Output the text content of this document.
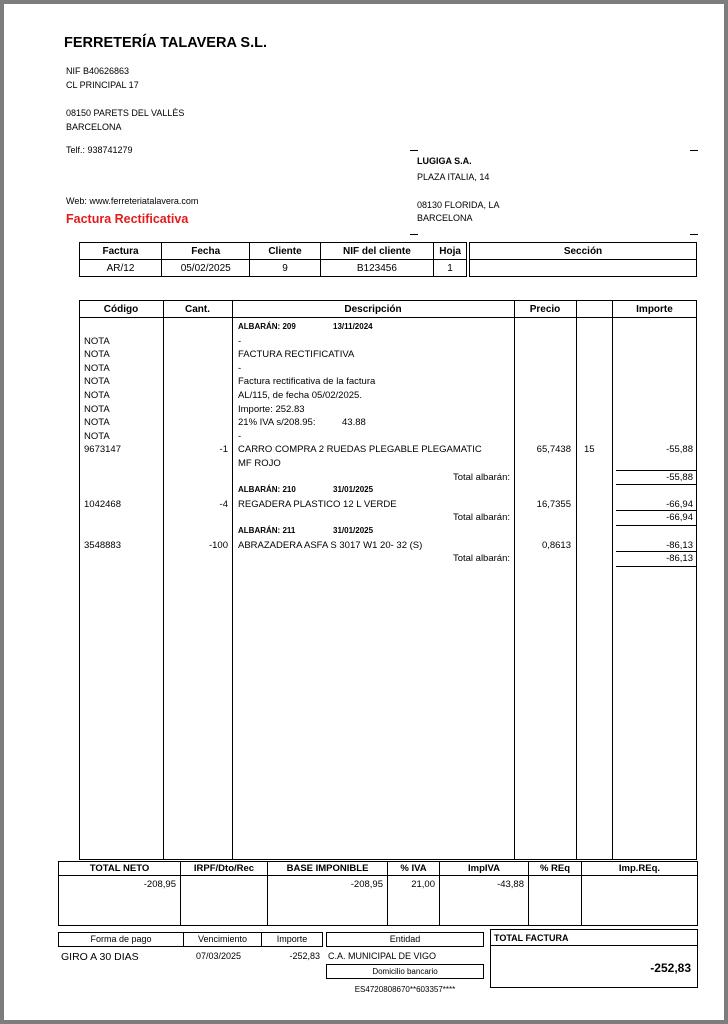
FERRETERÍA TALAVERA S.L.
NIF B40626863
CL PRINCIPAL 17
08150 PARETS DEL VALLÈS
BARCELONA
Telf.: 938741279
Web: www.ferreteriatalavera.com
Factura Rectificativa
LUGIGA S.A.
PLAZA ITALIA, 14
08130 FLORIDA, LA
BARCELONA
Factura	Fecha	Cliente	NIF del cliente	Hoja
AR/12	05/02/2025	9	B123456	1
Sección

Código	Cant.	Descripción	Precio	Importe
ALBARÁN: 209	13/11/2024
NOTA	-
NOTA	FACTURA RECTIFICATIVA
NOTA	-
NOTA	Factura rectificativa de la factura
NOTA	AL/115, de fecha 05/02/2025.
NOTA	Importe: 252.83
NOTA	21% IVA s/208.95:	43.88
NOTA	-
9673147	-1 CARRO COMPRA 2 RUEDAS PLEGABLE PLEGAMATIC	65,7438 15	-55,88
MF ROJO
Total albarán:	-55,88
ALBARÁN: 210	31/01/2025
1042468	-4 REGADERA PLASTICO 12 L VERDE	16,7355	-66,94
Total albarán:	-66,94
ALBARÁN: 211	31/01/2025
3548883	-100 ABRAZADERA ASFA S 3017 W1 20- 32 (S)	0,8613	-86,13
Total albarán:	-86,13
TOTAL NETO	IRPF/Dto/Rec	BASE IMPONIBLE	% IVA	ImpIVA	% REq	Imp.REq.
-208,95		-208,95	21,00	-43,88		
Forma de pago	Vencimiento	Importe	Entidad
GIRO A 30 DIAS	07/03/2025	-252,83 C.A. MUNICIPAL DE VIGO
Domicilio bancario
ES4720808670**603357****
TOTAL FACTURA
-252,83
